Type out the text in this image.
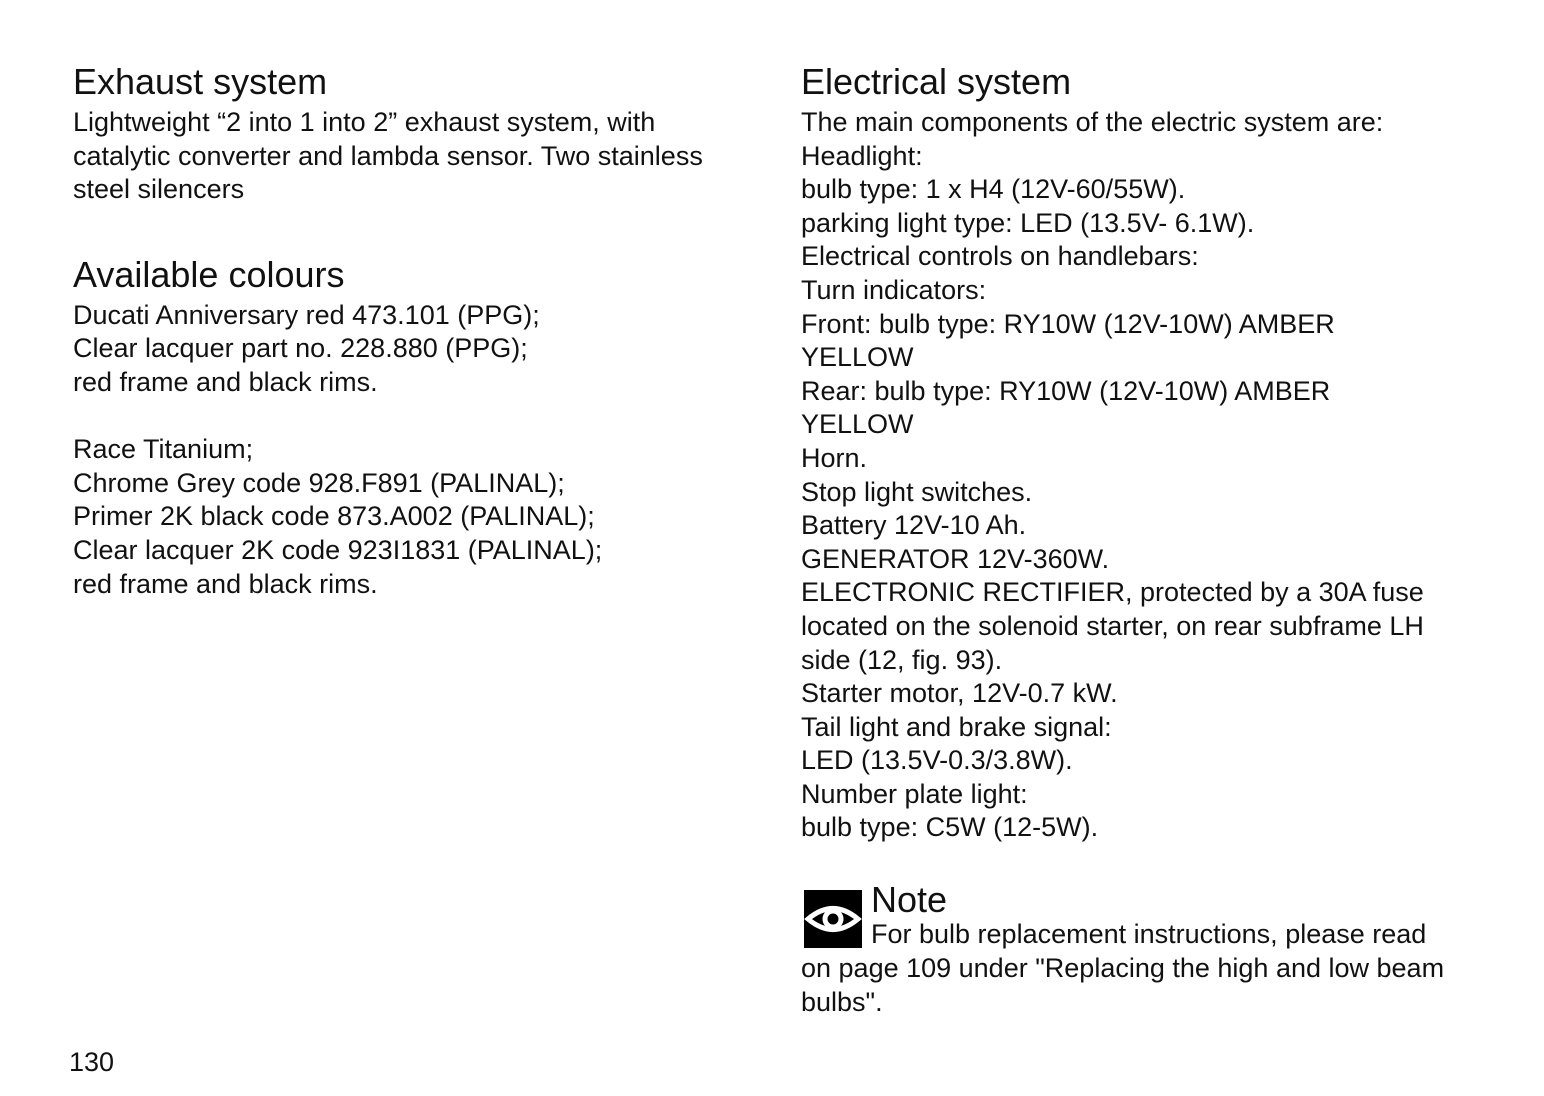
Exhaust system
Lightweight “2 into 1 into 2” exhaust system, with
catalytic converter and lambda sensor. Two stainless
steel silencers
Available colours
Ducati Anniversary red 473.101 (PPG);
Clear lacquer part no. 228.880 (PPG);
red frame and black rims.
Race Titanium;
Chrome Grey code 928.F891 (PALINAL);
Primer 2K black code 873.A002 (PALINAL);
Clear lacquer 2K code 923I1831 (PALINAL);
red frame and black rims.
Electrical system
The main components of the electric system are:
Headlight:
bulb type: 1 x H4 (12V-60/55W).
parking light type: LED (13.5V- 6.1W).
Electrical controls on handlebars:
Turn indicators:
Front: bulb type: RY10W (12V-10W) AMBER
YELLOW
Rear: bulb type: RY10W (12V-10W) AMBER
YELLOW
Horn.
Stop light switches.
Battery 12V-10 Ah.
GENERATOR 12V-360W.
ELECTRONIC RECTIFIER, protected by a 30A fuse
located on the solenoid starter, on rear subframe LH
side (12, fig. 93).
Starter motor, 12V-0.7 kW.
Tail light and brake signal:
LED (13.5V-0.3/3.8W).
Number plate light:
bulb type: C5W (12-5W).
Note
For bulb replacement instructions, please read
on page 109 under "Replacing the high and low beam bulbs".
130
